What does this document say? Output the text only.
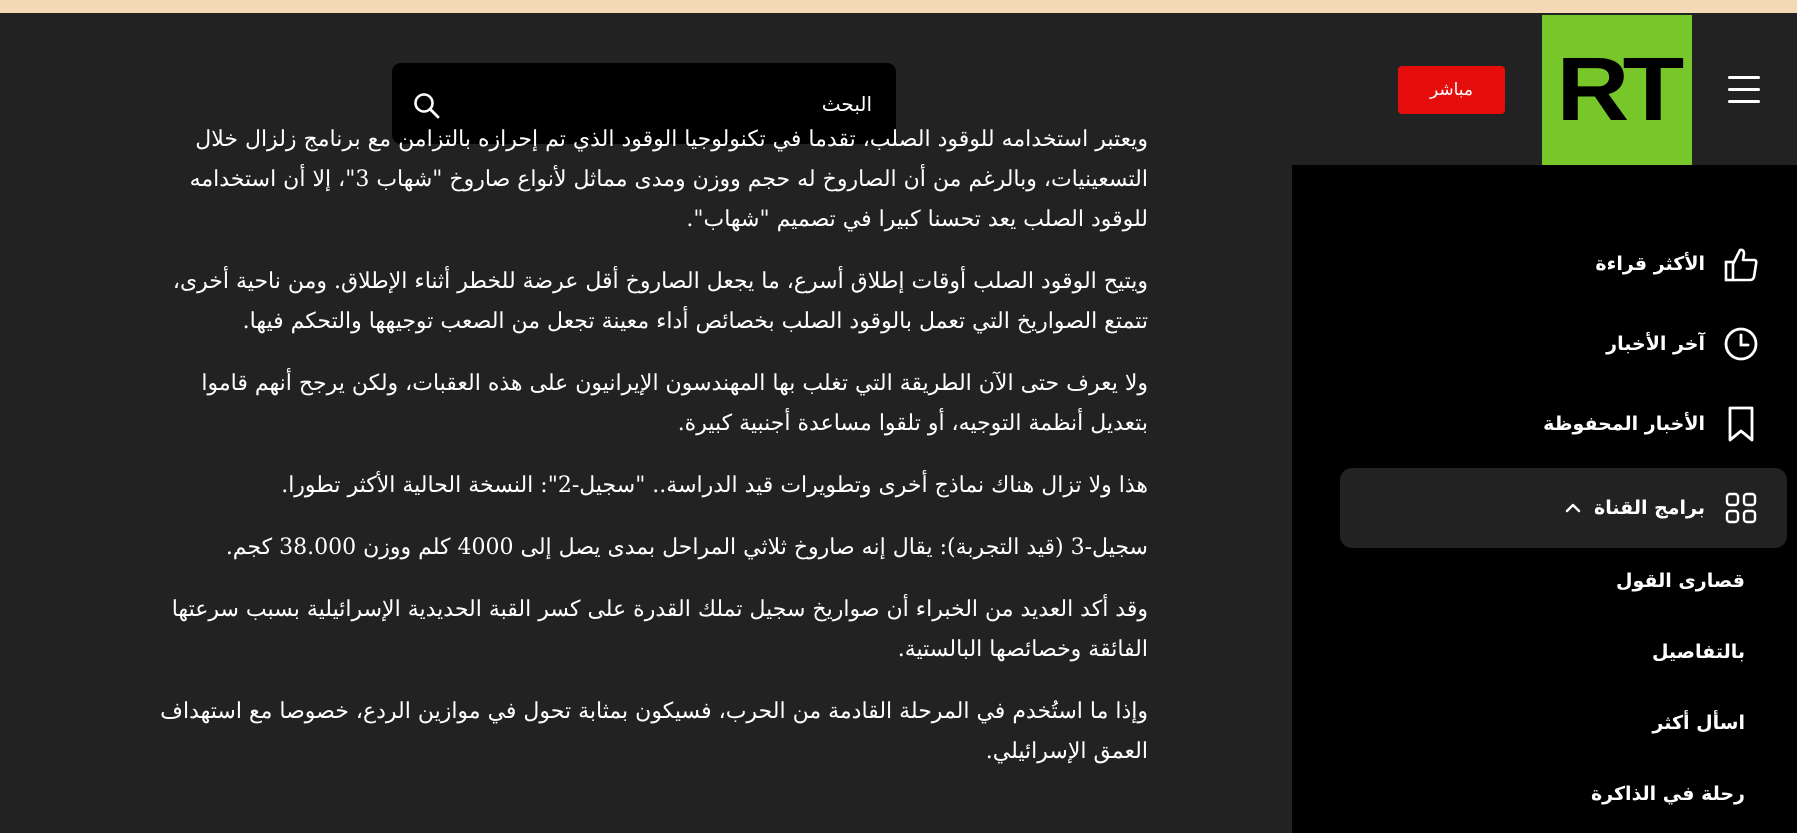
البحث
مباشر RT

ويعتبر استخدامه للوقود الصلب، تقدما في تكنولوجيا الوقود الذي تم إحرازه بالتزامن مع برنامج زلزال خلال التسعينيات، وبالرغم من أن الصاروخ له حجم ووزن ومدى مماثل لأنواع صاروخ "شهاب 3"، إلا أن استخدامه للوقود الصلب يعد تحسنا كبيرا في تصميم "شهاب".

ويتيح الوقود الصلب أوقات إطلاق أسرع، ما يجعل الصاروخ أقل عرضة للخطر أثناء الإطلاق. ومن ناحية أخرى، تتمتع الصواريخ التي تعمل بالوقود الصلب بخصائص أداء معينة تجعل من الصعب توجيهها والتحكم فيها.

ولا يعرف حتى الآن الطريقة التي تغلب بها المهندسون الإيرانيون على هذه العقبات، ولكن يرجح أنهم قاموا بتعديل أنظمة التوجيه، أو تلقوا مساعدة أجنبية كبيرة.

هذا ولا تزال هناك نماذج أخرى وتطويرات قيد الدراسة.. "سجيل-2": النسخة الحالية الأكثر تطورا.

سجيل-3 (قيد التجربة): يقال إنه صاروخ ثلاثي المراحل بمدى يصل إلى 4000 كلم ووزن 38.000 كجم.

وقد أكد العديد من الخبراء أن صواريخ سجيل تملك القدرة على كسر القبة الحديدية الإسرائيلية بسبب سرعتها الفائقة وخصائصها البالستية.

وإذا ما استُخدم في المرحلة القادمة من الحرب، فسيكون بمثابة تحول في موازين الردع، خصوصا مع استهداف العمق الإسرائيلي.

الأكثر قراءة
آخر الأخبار
الأخبار المحفوظة
برامج القناة
قصارى القول
بالتفاصيل
اسأل أكثر
رحلة في الذاكرة
